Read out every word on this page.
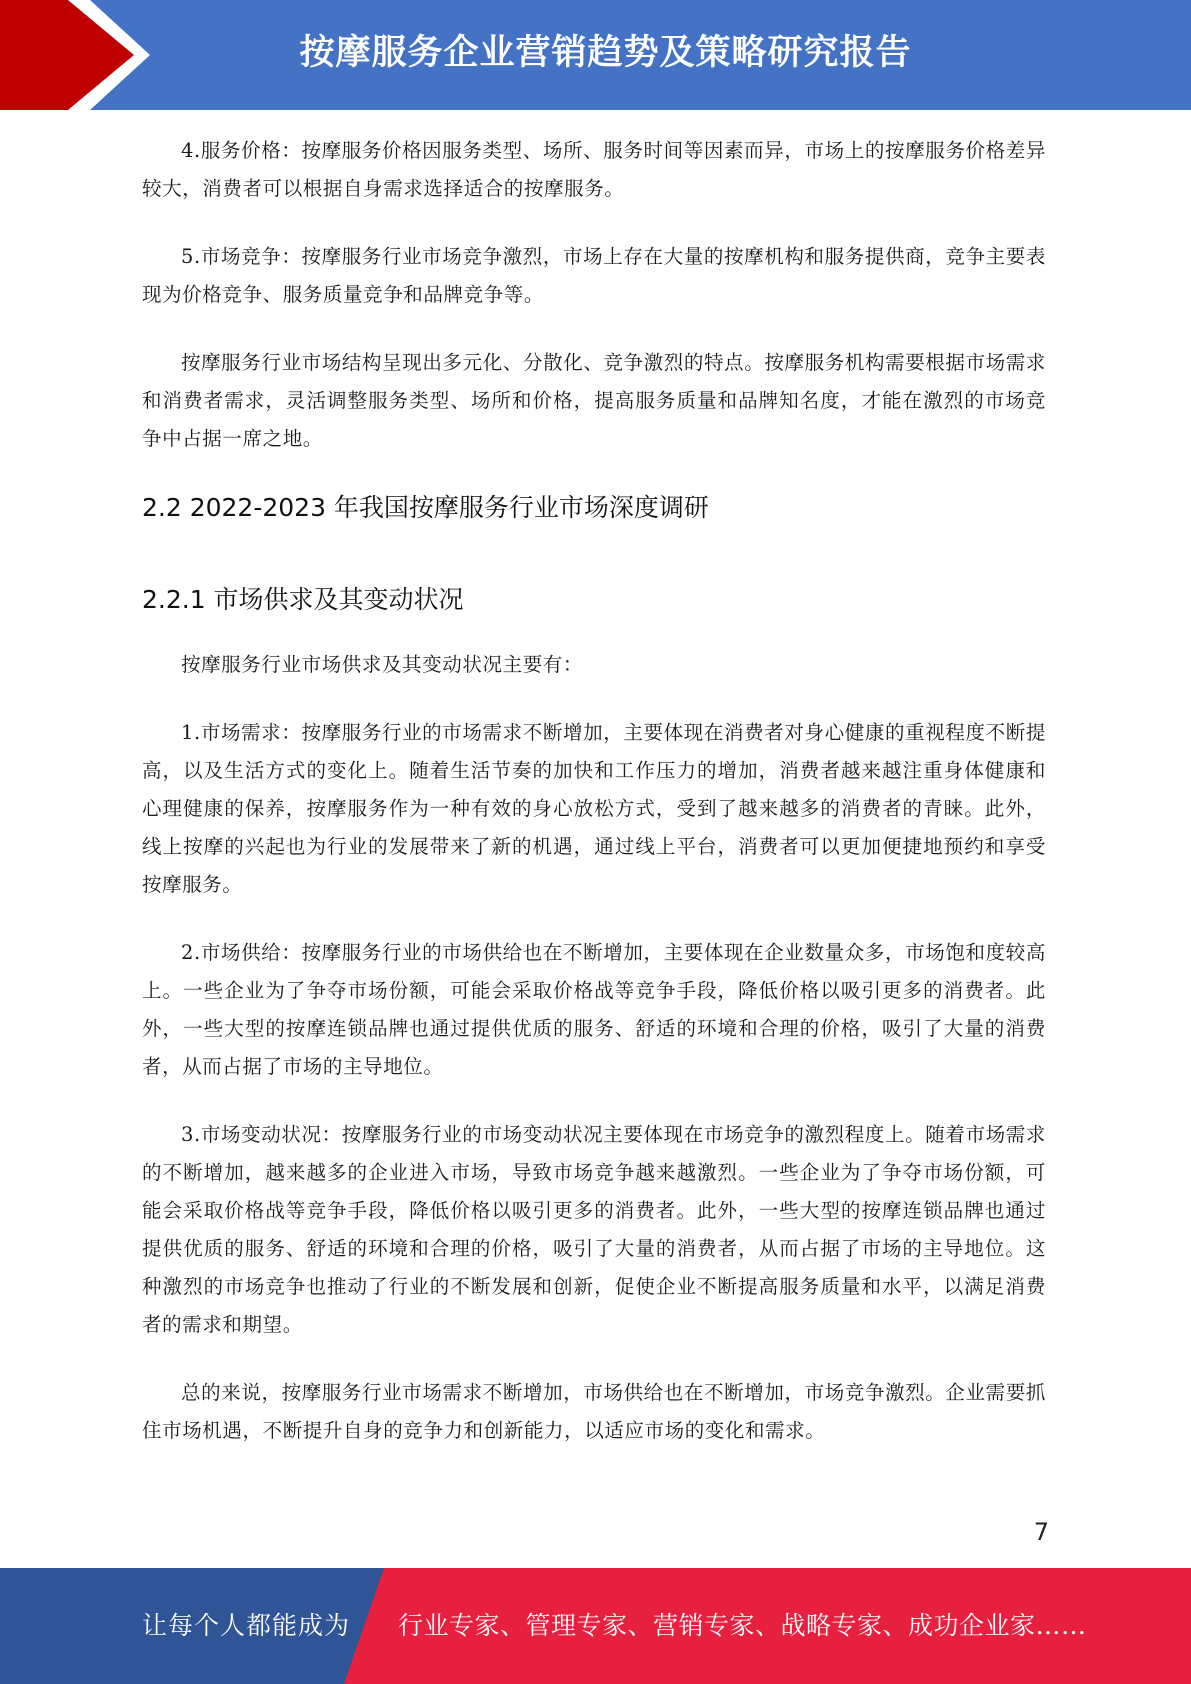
按摩服务企业营销趋势及策略研究报告

4.服务价格：按摩服务价格因服务类型、场所、服务时间等因素而异，市场上的按摩服务价格差异较大，消费者可以根据自身需求选择适合的按摩服务。

5.市场竞争：按摩服务行业市场竞争激烈，市场上存在大量的按摩机构和服务提供商，竞争主要表现为价格竞争、服务质量竞争和品牌竞争等。

按摩服务行业市场结构呈现出多元化、分散化、竞争激烈的特点。按摩服务机构需要根据市场需求和消费者需求，灵活调整服务类型、场所和价格，提高服务质量和品牌知名度，才能在激烈的市场竞争中占据一席之地。

2.2 2022-2023 年我国按摩服务行业市场深度调研
2.2.1 市场供求及其变动状况

按摩服务行业市场供求及其变动状况主要有：

1.市场需求：按摩服务行业的市场需求不断增加，主要体现在消费者对身心健康的重视程度不断提高，以及生活方式的变化上。随着生活节奏的加快和工作压力的增加，消费者越来越注重身体健康和心理健康的保养，按摩服务作为一种有效的身心放松方式，受到了越来越多的消费者的青睐。此外，线上按摩的兴起也为行业的发展带来了新的机遇，通过线上平台，消费者可以更加便捷地预约和享受按摩服务。

2.市场供给：按摩服务行业的市场供给也在不断增加，主要体现在企业数量众多，市场饱和度较高上。一些企业为了争夺市场份额，可能会采取价格战等竞争手段，降低价格以吸引更多的消费者。此外，一些大型的按摩连锁品牌也通过提供优质的服务、舒适的环境和合理的价格，吸引了大量的消费者，从而占据了市场的主导地位。

3.市场变动状况：按摩服务行业的市场变动状况主要体现在市场竞争的激烈程度上。随着市场需求的不断增加，越来越多的企业进入市场，导致市场竞争越来越激烈。一些企业为了争夺市场份额，可能会采取价格战等竞争手段，降低价格以吸引更多的消费者。此外，一些大型的按摩连锁品牌也通过提供优质的服务、舒适的环境和合理的价格，吸引了大量的消费者，从而占据了市场的主导地位。这种激烈的市场竞争也推动了行业的不断发展和创新，促使企业不断提高服务质量和水平，以满足消费者的需求和期望。

总的来说，按摩服务行业市场需求不断增加，市场供给也在不断增加，市场竞争激烈。企业需要抓住市场机遇，不断提升自身的竞争力和创新能力，以适应市场的变化和需求。

7
让每个人都能成为 行业专家、管理专家、营销专家、战略专家、成功企业家……
